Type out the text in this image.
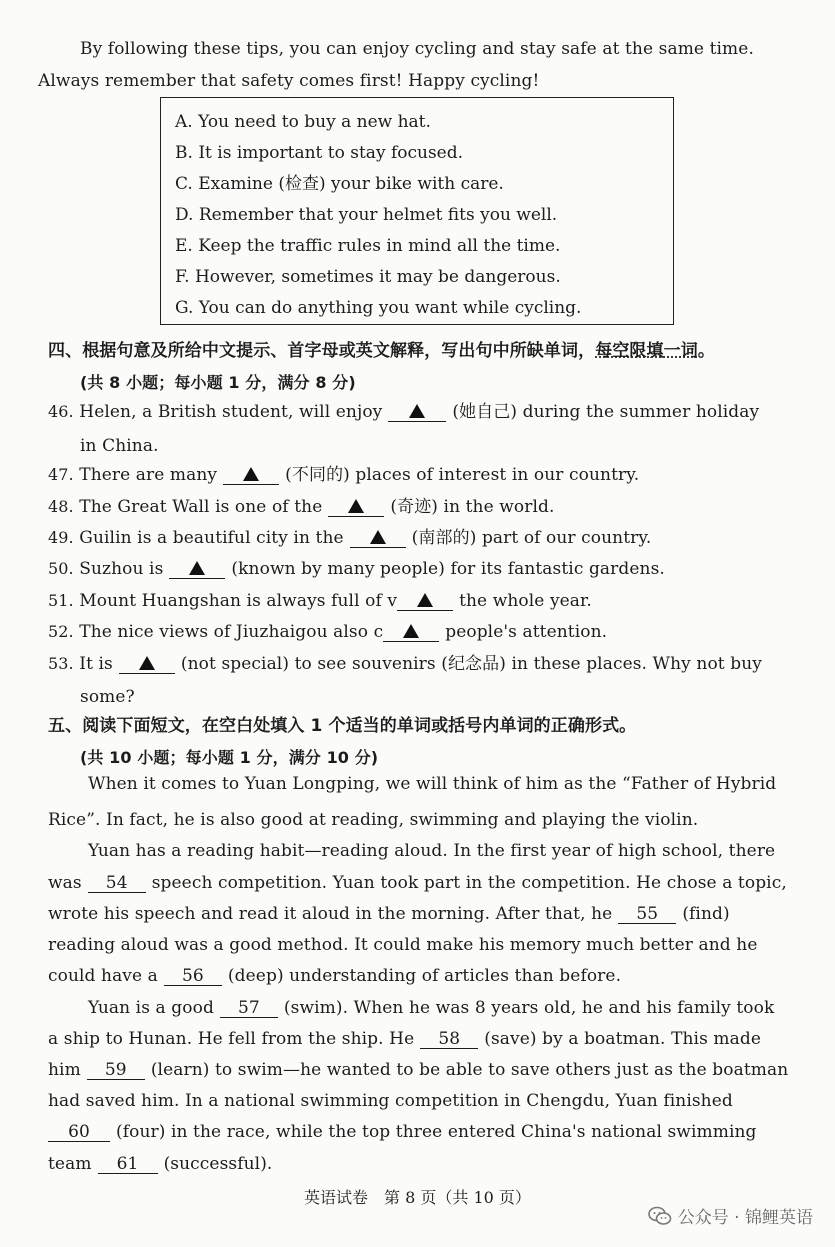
By following these tips, you can enjoy cycling and stay safe at the same time.
Always remember that safety comes first! Happy cycling!
A. You need to buy a new hat.
B. It is important to stay focused.
C. Examine (检查) your bike with care.
D. Remember that your helmet fits you well.
E. Keep the traffic rules in mind all the time.
F. However, sometimes it may be dangerous.
G. You can do anything you want while cycling.
四、根据句意及所给中文提示、首字母或英文解释，写出句中所缺单词，每空限填一词。
(共 8 小题；每小题 1 分，满分 8 分)
46. Helen, a British student, will enjoy	(她自己) during the summer holiday
in China.
47. There are many	(不同的) places of interest in our country.
48. The Great Wall is one of the	(奇迹) in the world.
49. Guilin is a beautiful city in the	(南部的) part of our country.
50. Suzhou is	(known by many people) for its fantastic gardens.
51. Mount Huangshan is always full of v	the whole year.
52. The nice views of Jiuzhaigou also c	people's attention.
53. It is	(not special) to see souvenirs (纪念品) in these places. Why not buy
some?
五、阅读下面短文，在空白处填入 1 个适当的单词或括号内单词的正确形式。
(共 10 小题；每小题 1 分，满分 10 分)
When it comes to Yuan Longping, we will think of him as the “Father of Hybrid
Rice”. In fact, he is also good at reading, swimming and playing the violin.
Yuan has a reading habit—reading aloud. In the first year of high school, there
was 54 speech competition. Yuan took part in the competition. He chose a topic,
wrote his speech and read it aloud in the morning. After that, he 55 (find)
reading aloud was a good method. It could make his memory much better and he
could have a 56 (deep) understanding of articles than before.
Yuan is a good 57 (swim). When he was 8 years old, he and his family took
a ship to Hunan. He fell from the ship. He 58 (save) by a boatman. This made
him 59 (learn) to swim—he wanted to be able to save others just as the boatman
had saved him. In a national swimming competition in Chengdu, Yuan finished
60 (four) in the race, while the top three entered China's national swimming
team 61 (successful).
英语试卷　第 8 页（共 10 页）
公众号 · 锦鲤英语
